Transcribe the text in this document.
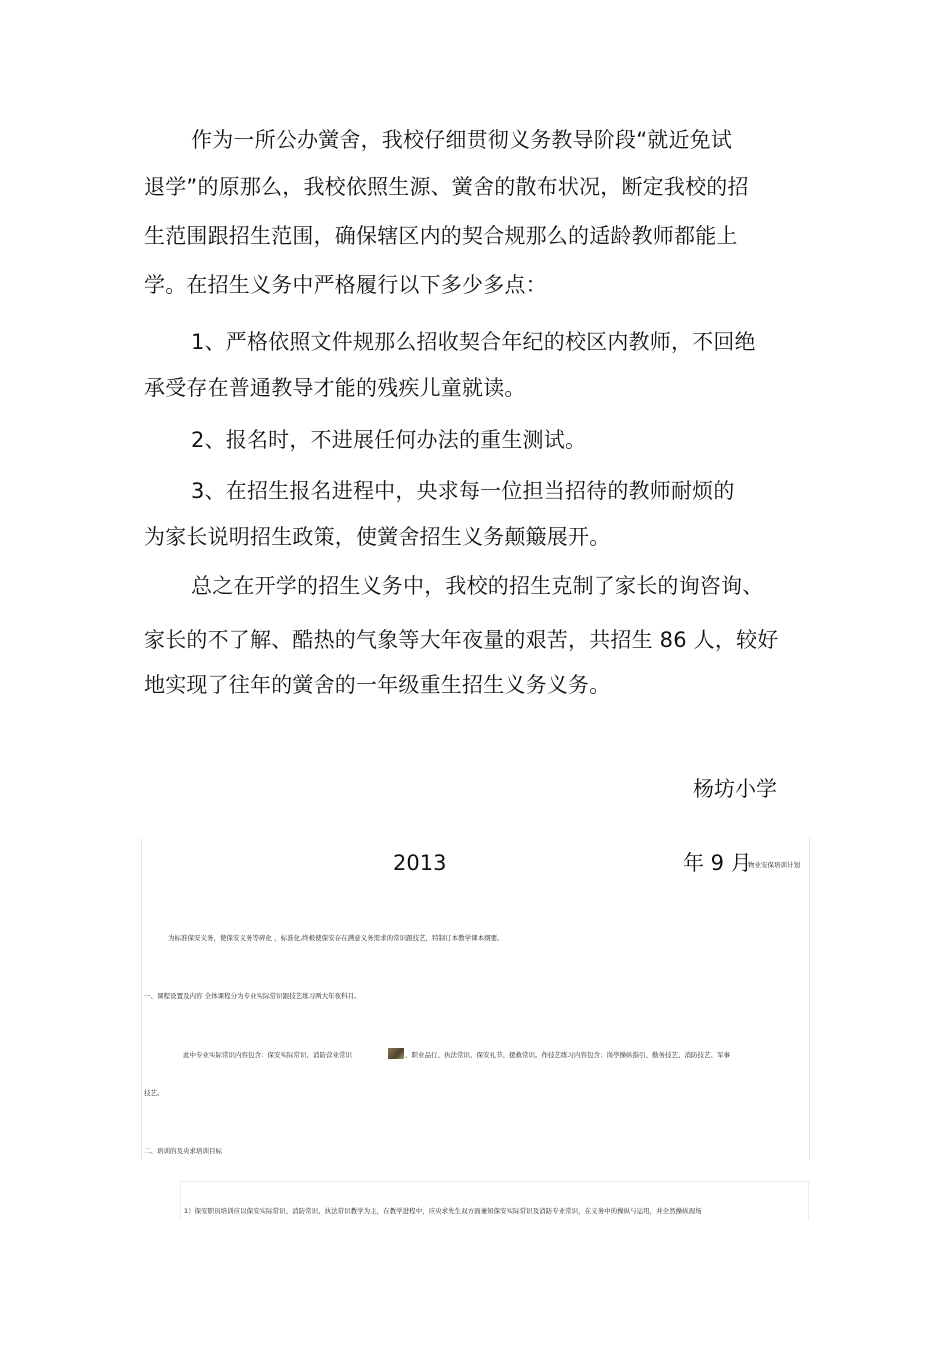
作为一所公办黉舍，我校仔细贯彻义务教导阶段“就近免试
退学”的原那么，我校依照生源、黉舍的散布状况，断定我校的招
生范围跟招生范围，确保辖区内的契合规那么的适龄教师都能上
学。在招生义务中严格履行以下多少多点：
1、严格依照文件规那么招收契合年纪的校区内教师，不回绝
承受存在普通教导才能的残疾儿童就读。
2、报名时，不进展任何办法的重生测试。
3、在招生报名进程中，央求每一位担当招待的教师耐烦的
为家长说明招生政策，使黉舍招生义务颠簸展开。
总之在开学的招生义务中，我校的招生克制了家长的询咨询、
家长的不了解、酷热的气象等大年夜量的艰苦，共招生 86 人，较好
地实现了往年的黉舍的一年级重生招生义务义务。
杨坊小学
物业安保培训计划
为标准保安义务，使保安义务等碎化 ，标准化,终极使保安存在满意义务需求的常识跟技艺，特制订本教学课本纲要。
一、课程设置及内容 全体课程分为专业实际常识跟技艺练习两大年夜科目。
此中专业实际常识内容包含：保安实际常识、消防营业常识	、职业品行、执法常识、保安礼节、援救常识。作技艺练习内容包含：岗亭操纵指引、勤务技艺、消防技艺、军事
技艺。
二、培训的及央求培训目标
2013	年 9 月
1）保安职员培训应以保安实际常识、消防常识、执法常识教学为主，在教学进程中，应央求先生双方面兼知保安实际常识及消防专业常识，在义务中的操纵与运用，并全然操纵现场
